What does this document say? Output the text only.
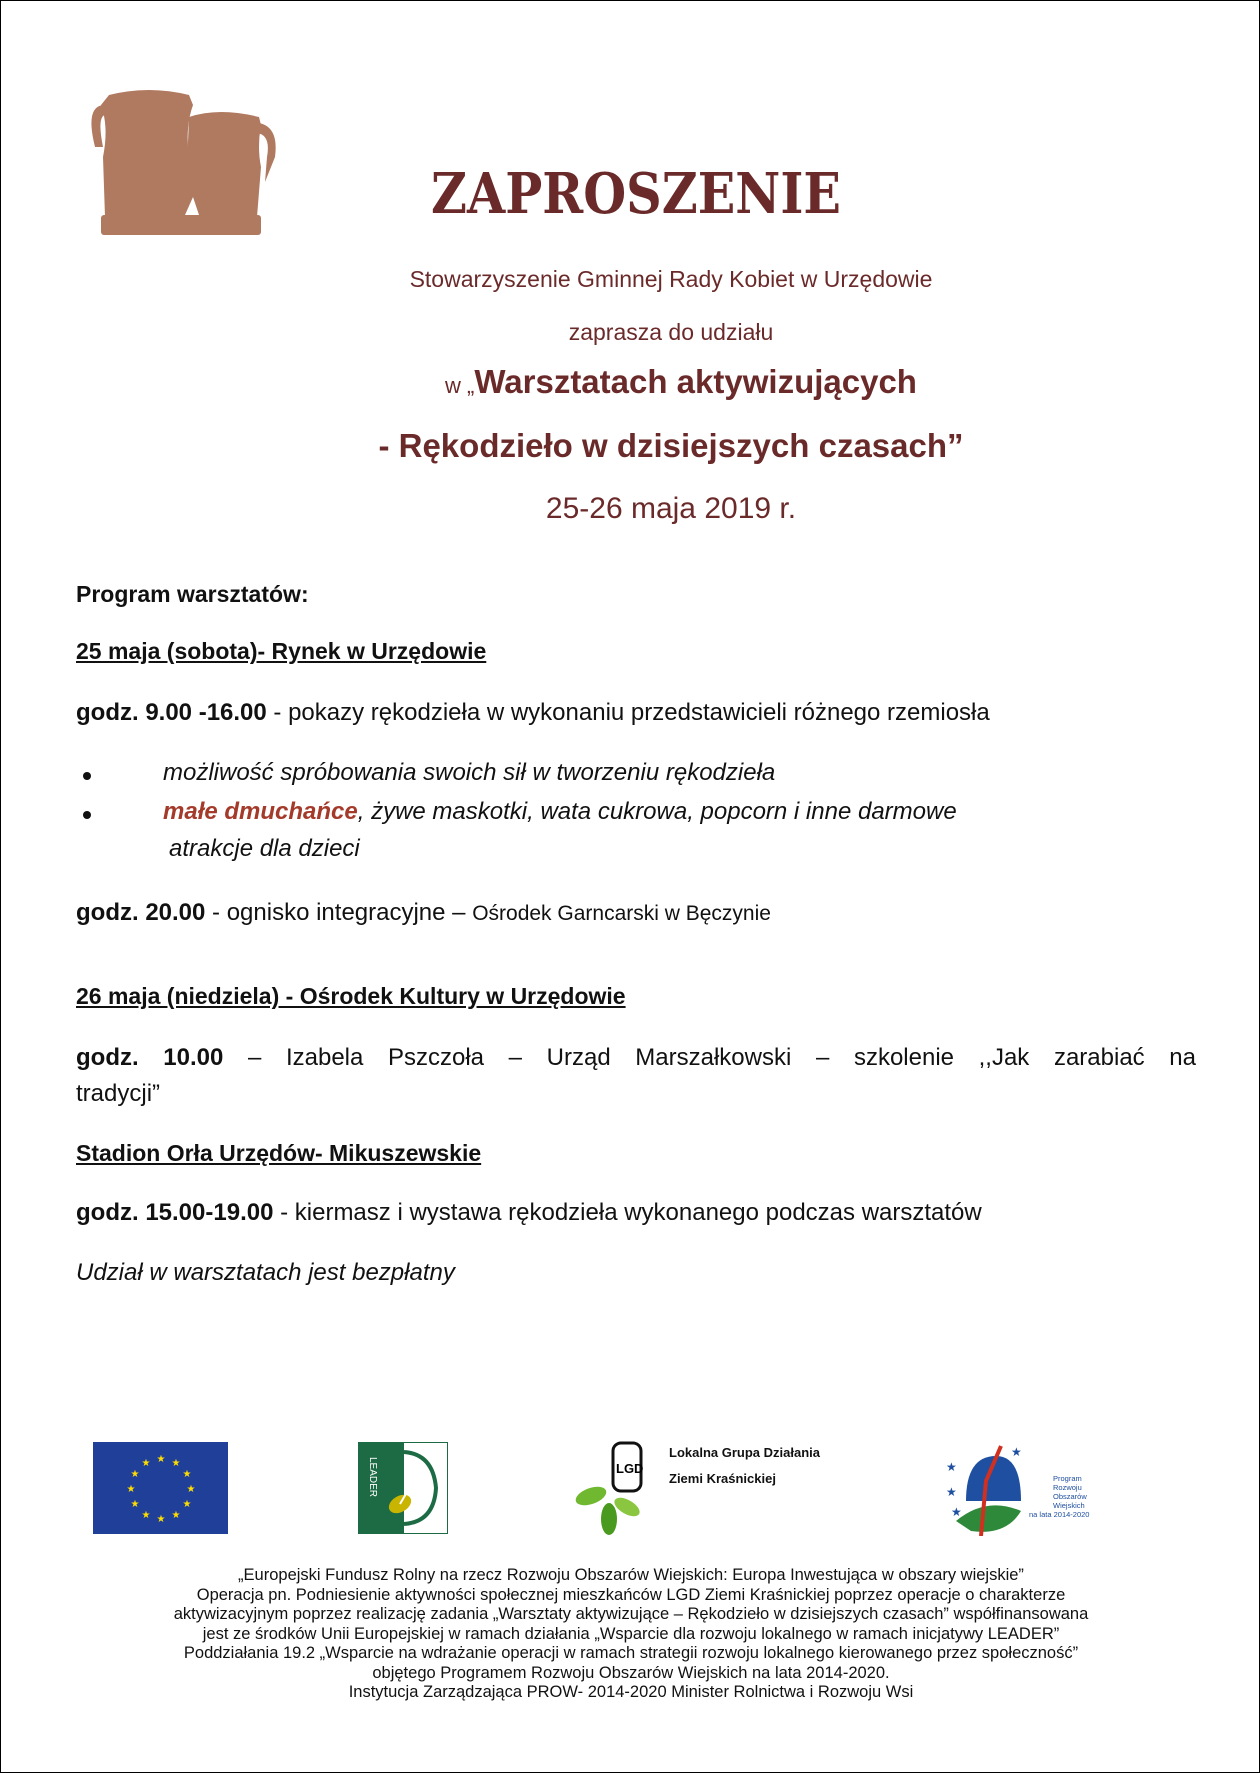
ZAPROSZENIE
Stowarzyszenie Gminnej Rady Kobiet w Urzędowie
zaprasza do udziału
w „Warsztatach aktywizujących
- Rękodzieło w dzisiejszych czasach”
25-26 maja 2019 r.
Program warsztatów:
25 maja (sobota)- Rynek w Urzędowie
godz. 9.00 -16.00 - pokazy rękodzieła w wykonaniu przedstawicieli różnego rzemiosła
możliwość spróbowania swoich sił w tworzeniu rękodzieła
małe dmuchańce, żywe maskotki, wata cukrowa, popcorn i inne darmowe
atrakcje dla dzieci
godz. 20.00 - ognisko integracyjne – Ośrodek Garncarski w Bęczynie
26 maja (niedziela) - Ośrodek Kultury w Urzędowie
godz. 10.00 – Izabela Pszczoła – Urząd Marszałkowski – szkolenie ,,Jak zarabiać na
tradycji”
Stadion Orła Urzędów- Mikuszewskie
godz. 15.00-19.00 - kiermasz i wystawa rękodzieła wykonanego podczas warsztatów
Udział w warsztatach jest bezpłatny
★
★
★
★
★
★
★
★
★ ★ ★
★	LEADER	LGD
Lokalna Grupa Działania
Ziemi Kraśnickiej
★
★
★
★
Program
Rozwoju
Obszarów
Wiejskich
na lata 2014-2020
„Europejski Fundusz Rolny na rzecz Rozwoju Obszarów Wiejskich: Europa Inwestująca w obszary wiejskie”
Operacja pn. Podniesienie aktywności społecznej mieszkańców LGD Ziemi Kraśnickiej poprzez operacje o charakterze
aktywizacyjnym poprzez realizację zadania „Warsztaty aktywizujące – Rękodzieło w dzisiejszych czasach” współfinansowana
jest ze środków Unii Europejskiej w ramach działania „Wsparcie dla rozwoju lokalnego w ramach inicjatywy LEADER”
Poddziałania 19.2 „Wsparcie na wdrażanie operacji w ramach strategii rozwoju lokalnego kierowanego przez społeczność”
objętego Programem Rozwoju Obszarów Wiejskich na lata 2014-2020.
Instytucja Zarządzająca PROW- 2014-2020 Minister Rolnictwa i Rozwoju Wsi
